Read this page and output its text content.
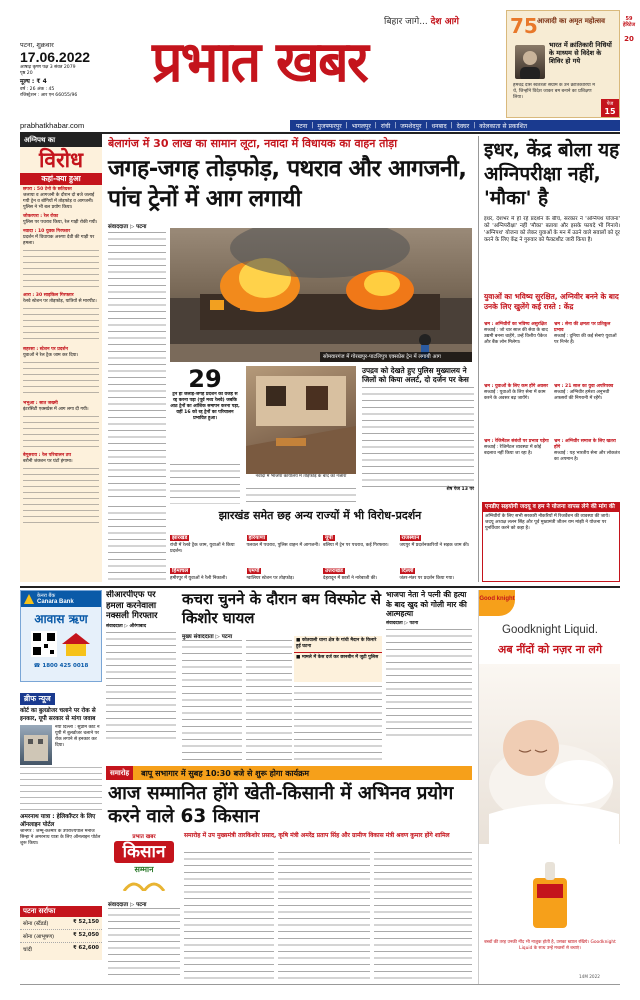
पटना, शुक्रवार
17.06.2022
आषाढ़ कृष्ण पक्ष 3 संवत 2079
पृष्ठ 20
मूल्य : ₹ 4
वर्ष : 26 अंक : 45
रजिस्ट्रेशन : आर एन 66055/96
बिहार जागे... देश आगे
प्रभात खबर
prabhatkhabar.com
75 आजादी का अमृत महोत्सव
भारत में क्रांतिकारी निधियों के माध्यम से विदेश के शिविर हो गये
हेमचंद्र दास स्वतंत्रता संग्राम के उन क्रांतिकारियों में थे, जिन्होंने विदेश जाकर बम बनाने का प्रशिक्षण लिया।
पेज
15
59 हेरिटेज
20
पटना | मुजफ्फरपुर | भागलपुर | रांची | जमशेदपुर | धनबाद | देवघर | कोलकाता से प्रकाशित
अग्निपथ का
विरोध
कहां-क्या हुआ
छपरा : 50 टेनो के छतिग्रस्त
जलाया व आगजनी के दौरान दो बजे जलाई गयी ट्रेन व बोगियों में तोड़फोड़ व आगजनी। पुलिस ने भी बल प्रयोग किया।
जोकरपरा : रेल रोका
पुलिस पर पथराव किया, रेल गाड़ी रोकी गयी।
नवादा : 10 युवक गिरफ्तार
प्रदर्शन में विधायक अरुणा देवी की गाड़ी पर हमला।
आरा : 30 साइकिल गिरफ्तार
रेलवे स्टेशन पर तोड़फोड़, यात्रियों से मारपीट।
सहरसा : स्टेशन पर प्रदर्शन
युवाओं ने रेल ट्रैक जाम कर दिया।
भभुआ : सात जख्मी
इंटरसिटी एक्सप्रेस में आग लगा दी गयी।
बेगूसराय : रेल परिचालन ठप
बरौनी जंक्शन पर घंटों हंगामा।
बेलागंज में 30 लाख का सामान लूटा, नवादा में विधायक का वाहन तोड़ा
जगह-जगह तोड़फोड़, पथराव और आगजनी, पांच ट्रेनों में आग लगायी
संवाददाता ▷ पटना
सोमवारगंज में गोरखपुर-पाटलिपुत्र एक्सप्रेस ट्रेन में लगायी आग
29
ट्रेनें हो जलाई-जगह प्रदर्शन की वजह से रद्द करना पड़ा (पूर्व मध्य रेलवे) जबकि आठ ट्रेनों का आंशिक समापन करना पड़ा, वहीं 16 को रद्द ट्रेनों का परिचालन प्रभावित हुआ।
नवादा में भाजपा कार्यालय में तोड़फोड़ के बाद का नजारा
उपद्रव को देखते हुए पुलिस मुख्यालय ने जिलों को किया अलर्ट, दो दर्जन पर केस
शेष पेज 13 पर
झारखंड समेत छह अन्य राज्यों में भी विरोध-प्रदर्शन
झारखंड
रांची में रेलवे ट्रैक जाम, युवाओं ने किया प्रदर्शन।
हरियाणा
पलवल में पथराव, पुलिस वाहन में आगजनी।
यूपी
बलिया में ट्रेन पर पथराव, कई गिरफ्तार।
राजस्थान
जयपुर में प्रदर्शनकारियों ने सड़क जाम की।
हिमाचल
हमीरपुर में युवाओं ने रैली निकाली।
एमपी
ग्वालियर स्टेशन पर तोड़फोड़।
उत्तराखंड
देहरादून में छात्रों ने नारेबाजी की।
दिल्ली
जंतर-मंतर पर प्रदर्शन किया गया।
इधर, केंद्र बोला यह अग्निपरीक्षा नहीं, 'मौका' है
इधर, देशभर में हो रहे प्रदर्शन के बीच, सरकार ने 'अग्निपथ योजना' को 'अग्निपरीक्षा' नहीं 'मौका' बताया और इसके फायदे भी गिनाये। 'अग्निपथ' योजना को लेकर युवाओं के मन में उठने वाले सवालों को दूर करने के लिए केंद्र ने गुरुवार को फैक्टशीट जारी किया है।
युवाओं का भविष्य सुरक्षित, अग्निवीर बनने के बाद उनके लिए खुलेंगे कई रास्ते : केंद्र
भ्रम : अग्निवीरों का भविष्य असुरक्षित
सच्चाई : जो चार साल की सेवा के बाद उद्यमी बनना चाहेंगे, उन्हें वित्तीय पैकेज और बैंक लोन मिलेगा।
भ्रम : सेना की क्षमता पर प्रतिकूल प्रभाव
सच्चाई : दुनिया की कई सेनाएं युवाओं पर निर्भर हैं।
भ्रम : युवाओं के लिए कम होंगे अवसर
सच्चाई : युवाओं के लिए सेना में काम करने के अवसर बढ़ जायेंगे।
भ्रम : 21 साल का युवा अपरिपक्व
सच्चाई : अग्निवीर हमेशा अनुभवी अफसरों की निगरानी में रहेंगे।
भ्रम : रेजिमेंटल संबंधों पर प्रभाव पड़ेगा
सच्चाई : रेजिमेंटल व्यवस्था में कोई बदलाव नहीं किया जा रहा है।
भ्रम : अग्निवीर समाज के लिए खतरा होंगे
सच्चाई : यह भारतीय सेना और लोकतंत्र का अपमान है।
एनडीए सहयोगी जदयू व हम ने योजना वापस लेने की मांग की
अग्निवीरों के लिए सभी सरकारी नौकरियों में रिजर्वेशन की व्यवस्था की जाये। जदयू अध्यक्ष ललन सिंह और पूर्व मुख्यमंत्री जीतन राम मांझी ने योजना पर पुनर्विचार करने को कहा है।
केनरा बैंक
Canara Bank
आवास ऋण
☎ 1800 425 0018
ब्रीफ न्यूज
कोर्ट का बुलडोजर चलाने पर रोक से इनकार, यूपी सरकार से मांगा जवाब
नयी दिल्ली : सुप्रीम कोर्ट ने यूपी में बुलडोजर चलाने पर रोक लगाने से इनकार कर दिया।
अमरनाथ यात्रा : हेलिकॉप्टर के लिए ऑनलाइन पोर्टल
श्रीनगर : जम्मू-कश्मीर के उपराज्यपाल मनोज सिन्हा ने अमरनाथ यात्रा के लिए ऑनलाइन पोर्टल शुरू किया।
पटना सर्राफा
सोना (स्टैंडर्ड)	₹ 52,150
सोना (आभूषण)	₹ 52,050
चांदी	₹ 62,600
सीआरपीएफ पर हमला करनेवाला नक्सली गिरफ्तार
संवाददाता ▷ औरंगाबाद
कचरा चुनने के दौरान बम विस्फोट से किशोर घायल
मुख्य संवाददाता ▷ पटना
■ कोतवाली थाना क्षेत्र के गांधी मैदान के किनारे हुई घटना
■ मामले में केस दर्ज कर छानबीन में जुटी पुलिस
भाजपा नेता ने पत्नी की हत्या के बाद खुद को गोली मार की आत्महत्या
संवाददाता ▷ पटना
समारोह	बापू सभागार में सुबह 10:30 बजे से शुरू होगा कार्यक्रम
आज सम्मानित होंगे खेती-किसानी में अभिनव प्रयोग करने वाले 63 किसान
प्रभात खबर
किसान
सम्मान
समारोह में उप मुख्यमंत्री तारकिशोर प्रसाद, कृषि मंत्री अमरेंद्र प्रताप सिंह और ग्रामीण विकास मंत्री श्रवण कुमार होंगे शामिल
संवाददाता ▷ पटना
Good knight
Goodknight Liquid.
अब नींदों को नज़र ना लगे
बच्चों की तरह उनकी नींद भी नाज़ुक होती है, उसका ख्याल रखिये। Goodknight Liquid के साथ उन्हें मच्छरों से बचाएं।
14M 2022
